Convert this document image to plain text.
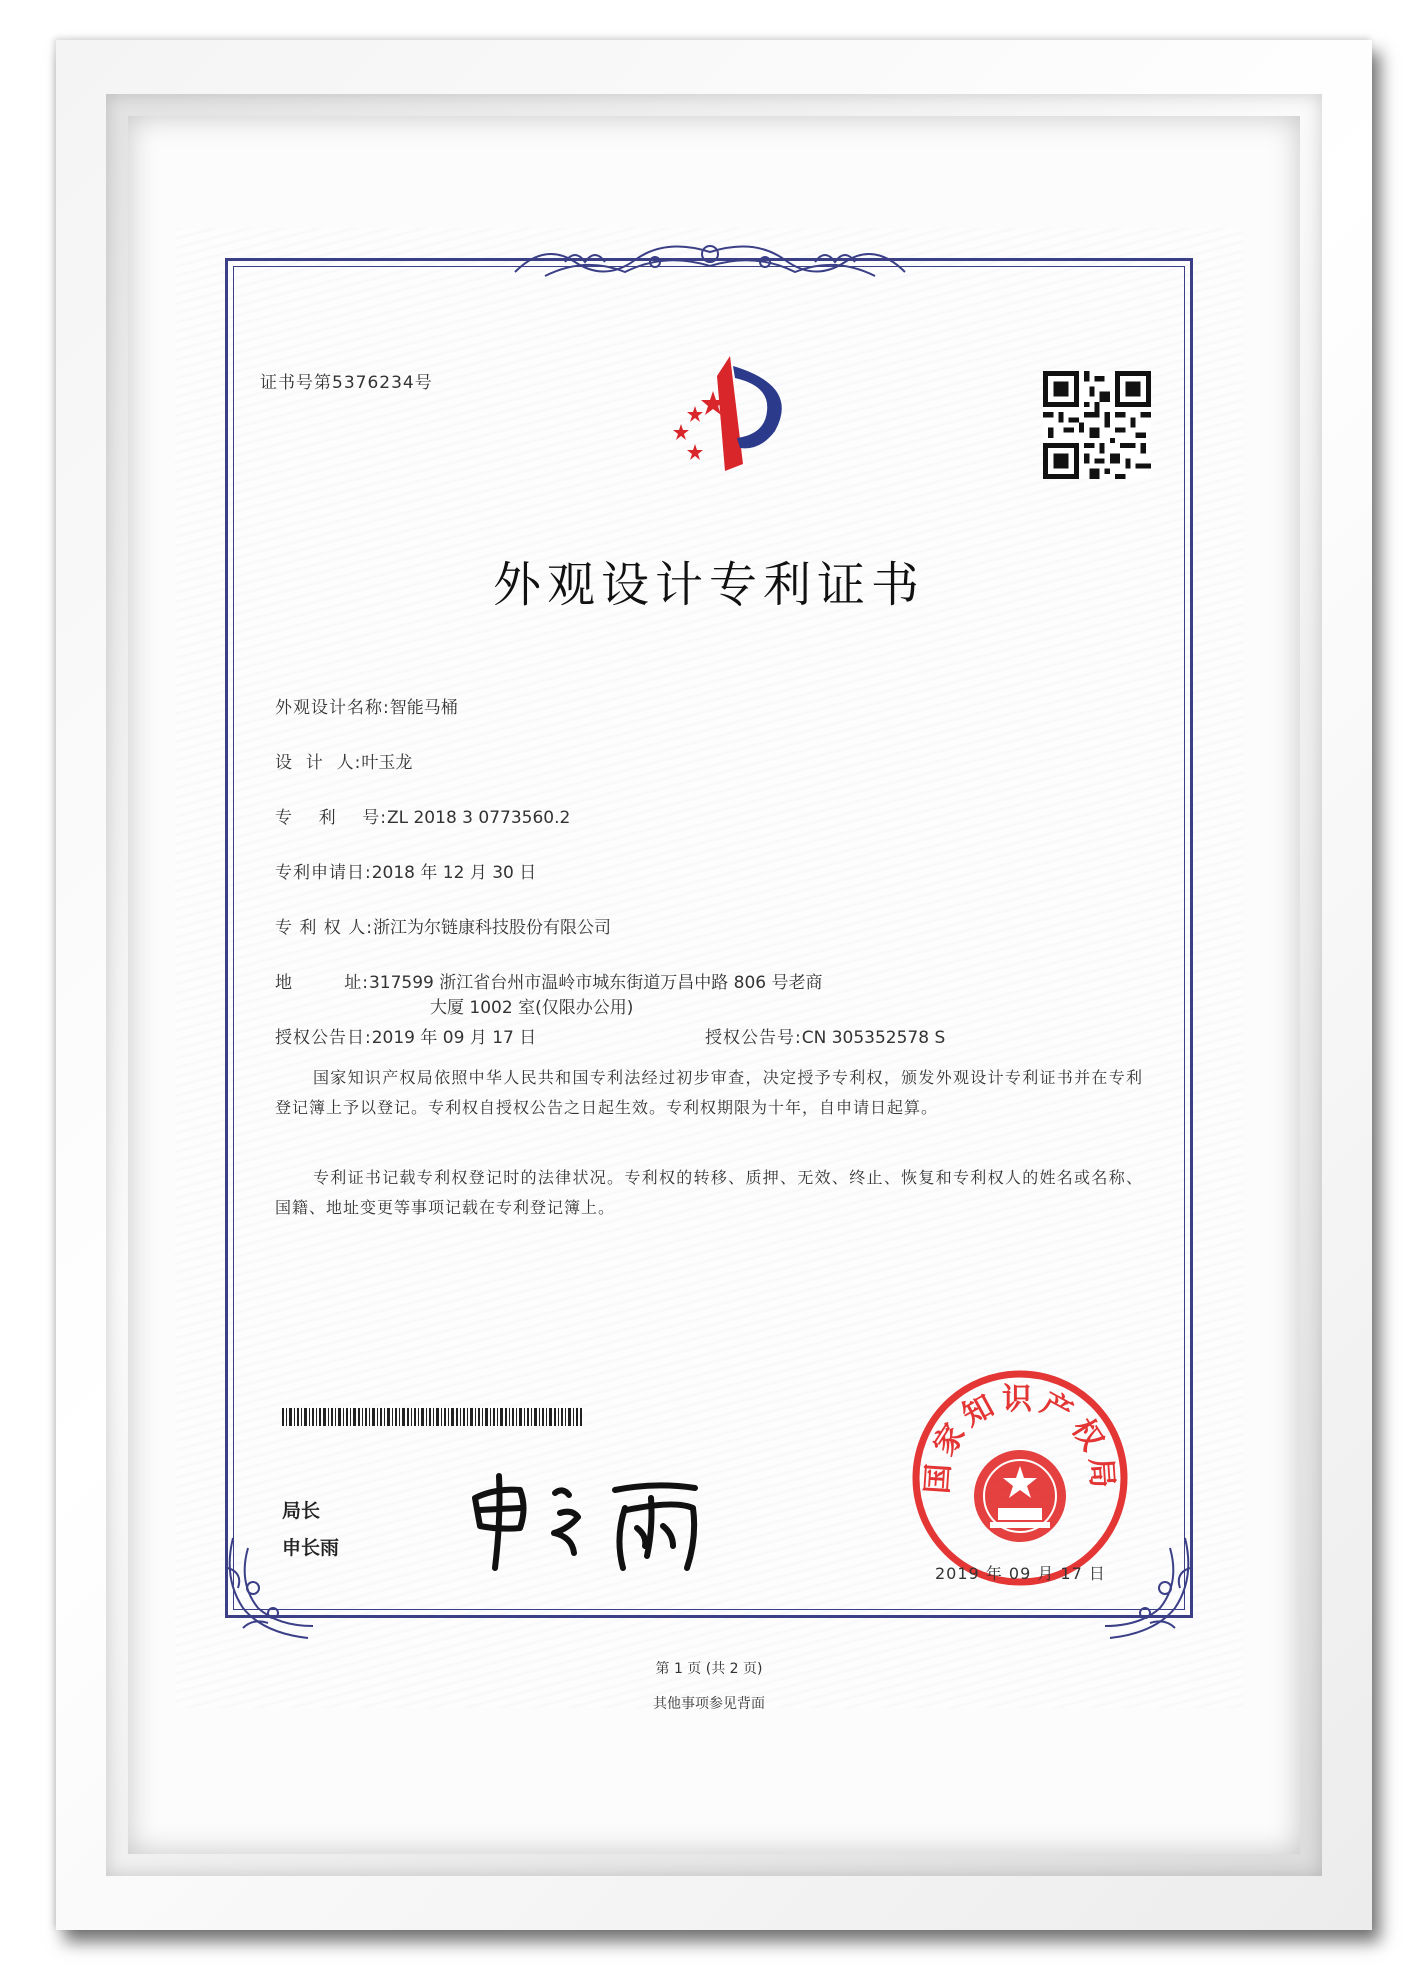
证书号第5376234号
外观设计专利证书
外观设计名称:智能马桶
设  计  人:叶玉龙
专    利    号:ZL 2018 3 0773560.2
专利申请日:2018 年 12 月 30 日
专 利 权 人:浙江为尔链康科技股份有限公司
地        址:317599 浙江省台州市温岭市城东街道万昌中路 806 号老商
大厦 1002 室(仅限办公用)
授权公告日:2019 年 09 月 17 日	授权公告号:CN 305352578 S
国家知识产权局依照中华人民共和国专利法经过初步审查，决定授予专利权，颁发外观设计专利证书并在专利登记簿上予以登记。专利权自授权公告之日起生效。专利权期限为十年，自申请日起算。
专利证书记载专利权登记时的法律状况。专利权的转移、质押、无效、终止、恢复和专利权人的姓名或名称、国籍、地址变更等事项记载在专利登记簿上。
局长
申长雨
国家知识产权局
2019 年 09 月 17 日
第 1 页 (共 2 页)
其他事项参见背面
